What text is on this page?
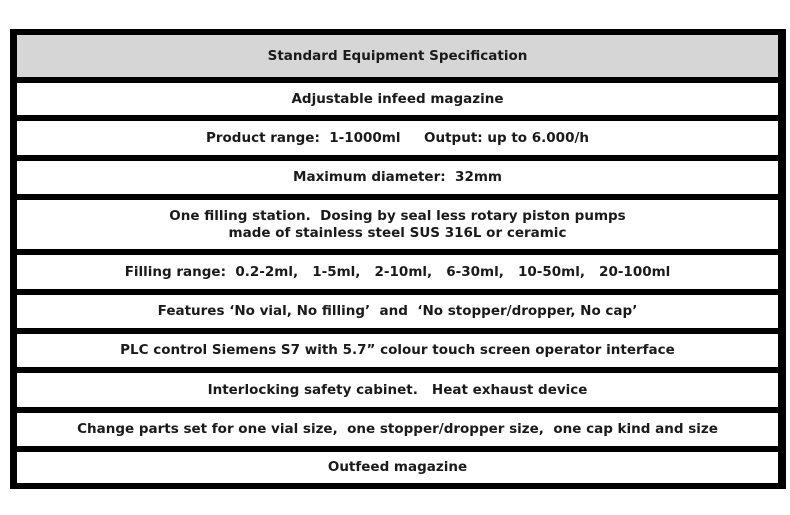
Standard Equipment Specification
Adjustable infeed magazine
Product range:  1-1000ml     Output: up to 6.000/h
Maximum diameter:  32mm
One filling station.  Dosing by seal less rotary piston pumps
made of stainless steel SUS 316L or ceramic
Filling range:  0.2-2ml,   1-5ml,   2-10ml,   6-30ml,   10-50ml,   20-100ml
Features ‘No vial, No filling’  and  ‘No stopper/dropper, No cap’
PLC control Siemens S7 with 5.7” colour touch screen operator interface
Interlocking safety cabinet.   Heat exhaust device
Change parts set for one vial size,  one stopper/dropper size,  one cap kind and size
Outfeed magazine
